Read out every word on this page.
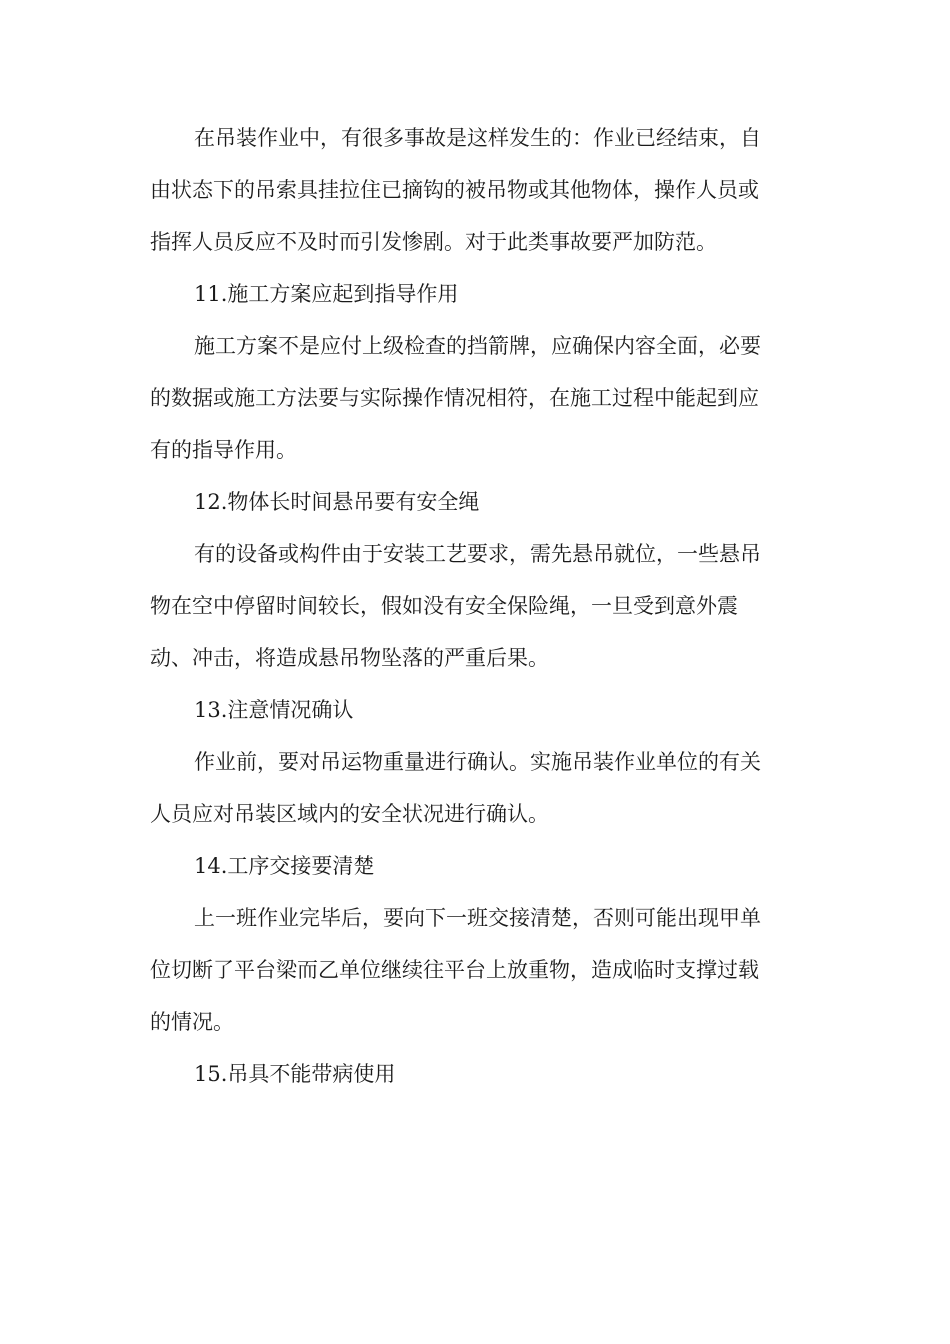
在吊装作业中，有很多事故是这样发生的：作业已经结束，自
由状态下的吊索具挂拉住已摘钩的被吊物或其他物体，操作人员或
指挥人员反应不及时而引发惨剧。对于此类事故要严加防范。
11.施工方案应起到指导作用
施工方案不是应付上级检查的挡箭牌，应确保内容全面，必要
的数据或施工方法要与实际操作情况相符，在施工过程中能起到应
有的指导作用。
12.物体长时间悬吊要有安全绳
有的设备或构件由于安装工艺要求，需先悬吊就位，一些悬吊
物在空中停留时间较长，假如没有安全保险绳，一旦受到意外震
动、冲击，将造成悬吊物坠落的严重后果。
13.注意情况确认
作业前，要对吊运物重量进行确认。实施吊装作业单位的有关
人员应对吊装区域内的安全状况进行确认。
14.工序交接要清楚
上一班作业完毕后，要向下一班交接清楚，否则可能出现甲单
位切断了平台梁而乙单位继续往平台上放重物，造成临时支撑过载
的情况。
15.吊具不能带病使用
